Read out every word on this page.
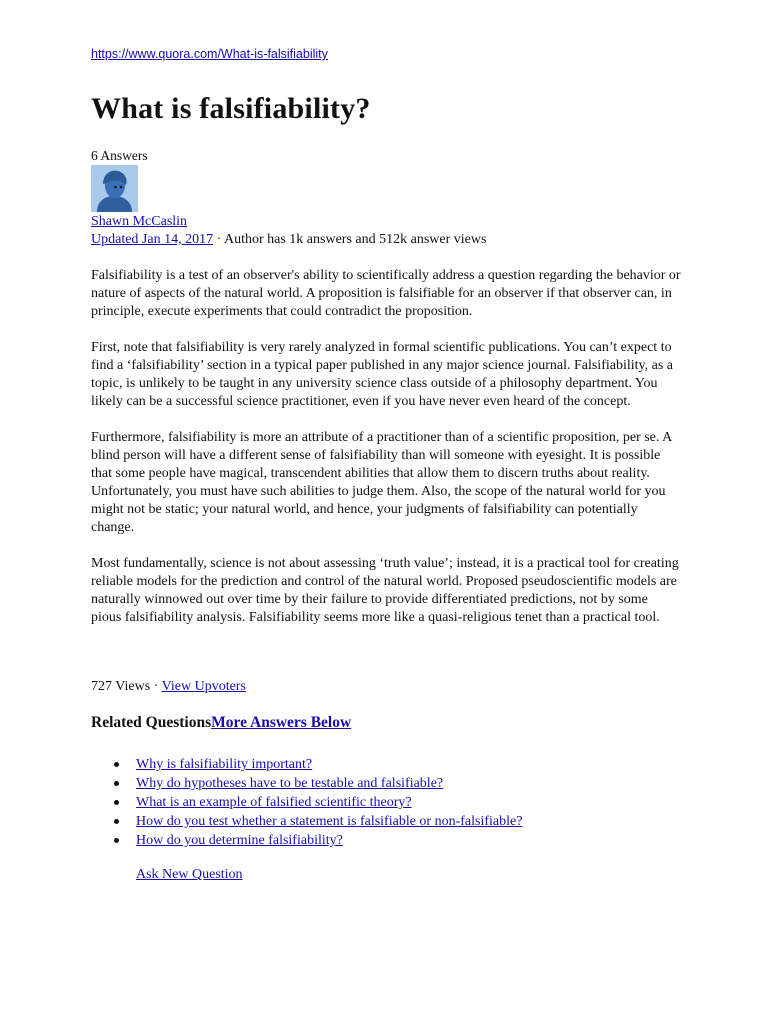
https://www.quora.com/What-is-falsifiability
What is falsifiability?
6 Answers
Shawn McCaslin
Updated Jan 14, 2017 · Author has 1k answers and 512k answer views

Falsifiability is a test of an observer's ability to scientifically address a question regarding the behavior or nature of aspects of the natural world. A proposition is falsifiable for an observer if that observer can, in principle, execute experiments that could contradict the proposition.

First, note that falsifiability is very rarely analyzed in formal scientific publications. You can’t expect to find a ‘falsifiability’ section in a typical paper published in any major science journal. Falsifiability, as a topic, is unlikely to be taught in any university science class outside of a philosophy department. You likely can be a successful science practitioner, even if you have never even heard of the concept.

Furthermore, falsifiability is more an attribute of a practitioner than of a scientific proposition, per se. A blind person will have a different sense of falsifiability than will someone with eyesight. It is possible that some people have magical, transcendent abilities that allow them to discern truths about reality. Unfortunately, you must have such abilities to judge them. Also, the scope of the natural world for you might not be static; your natural world, and hence, your judgments of falsifiability can potentially change.

Most fundamentally, science is not about assessing ‘truth value’; instead, it is a practical tool for creating reliable models for the prediction and control of the natural world. Proposed pseudoscientific models are naturally winnowed out over time by their failure to provide differentiated predictions, not by some pious falsifiability analysis. Falsifiability seems more like a quasi-religious tenet than a practical tool.

727 Views · View Upvoters
Related QuestionsMore Answers Below
Why is falsifiability important?
Why do hypotheses have to be testable and falsifiable?
What is an example of falsified scientific theory?
How do you test whether a statement is falsifiable or non-falsifiable?
How do you determine falsifiability?
Ask New Question
